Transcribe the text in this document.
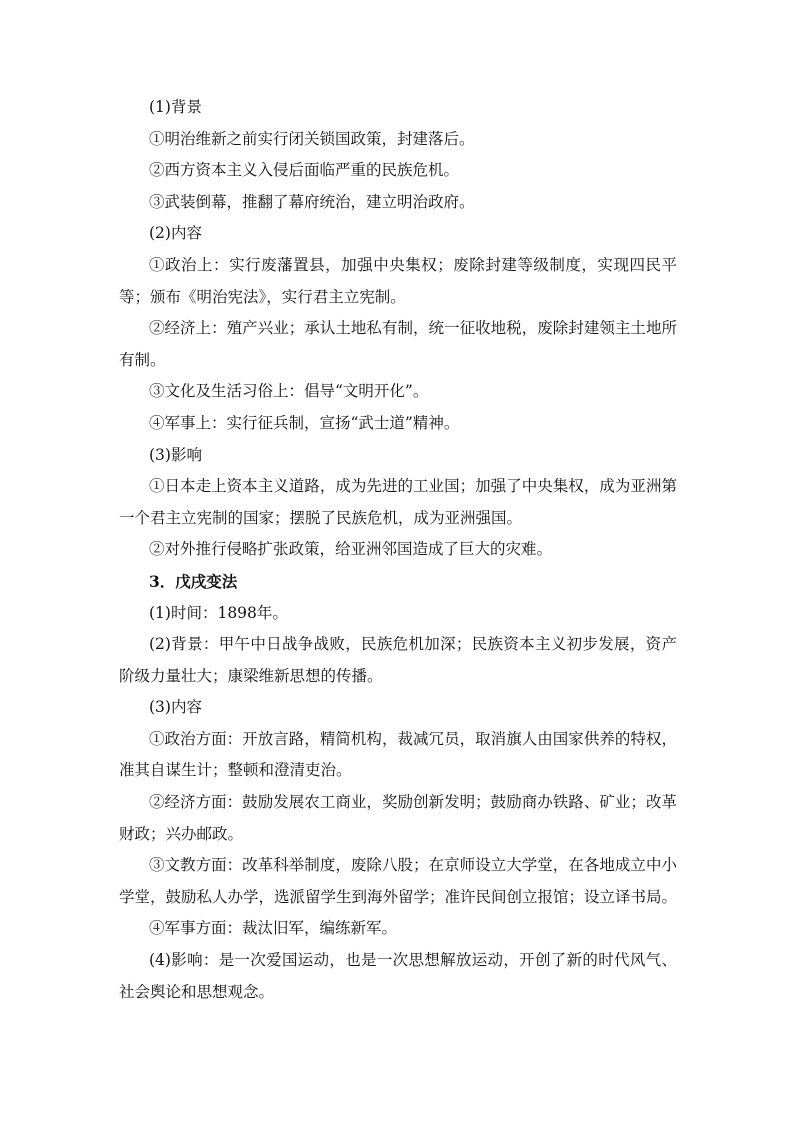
(1)背景

①明治维新之前实行闭关锁国政策，封建落后。

②西方资本主义入侵后面临严重的民族危机。

③武装倒幕，推翻了幕府统治，建立明治政府。

(2)内容

①政治上：实行废藩置县，加强中央集权；废除封建等级制度，实现四民平等；颁布《明治宪法》，实行君主立宪制。

②经济上：殖产兴业；承认土地私有制，统一征收地税，废除封建领主土地所有制。

③文化及生活习俗上：倡导“文明开化”。

④军事上：实行征兵制，宣扬“武士道”精神。

(3)影响

①日本走上资本主义道路，成为先进的工业国；加强了中央集权，成为亚洲第一个君主立宪制的国家；摆脱了民族危机，成为亚洲强国。

②对外推行侵略扩张政策，给亚洲邻国造成了巨大的灾难。

3．戊戌变法

(1)时间：1898年。

(2)背景：甲午中日战争战败，民族危机加深；民族资本主义初步发展，资产阶级力量壮大；康梁维新思想的传播。

(3)内容

①政治方面：开放言路，精简机构，裁减冗员，取消旗人由国家供养的特权，准其自谋生计；整顿和澄清吏治。

②经济方面：鼓励发展农工商业，奖励创新发明；鼓励商办铁路、矿业；改革财政；兴办邮政。

③文教方面：改革科举制度，废除八股；在京师设立大学堂，在各地成立中小学堂，鼓励私人办学，选派留学生到海外留学；准许民间创立报馆；设立译书局。

④军事方面：裁汰旧军，编练新军。

(4)影响：是一次爱国运动，也是一次思想解放运动，开创了新的时代风气、社会舆论和思想观念。
